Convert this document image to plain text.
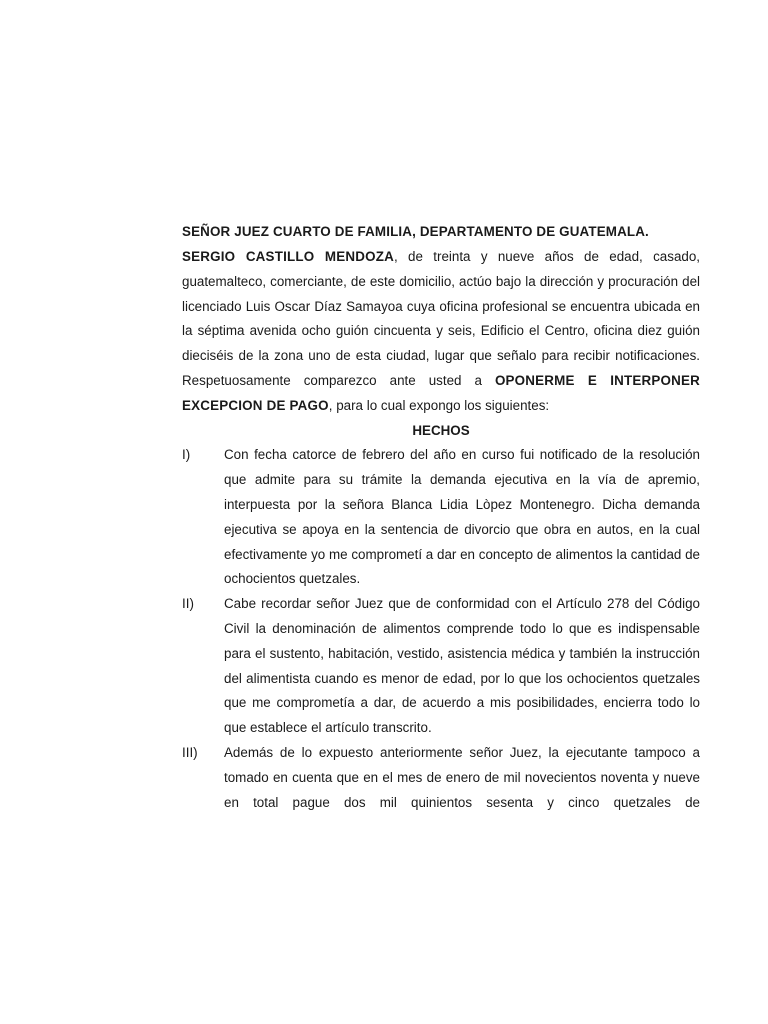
SEÑOR JUEZ CUARTO DE FAMILIA, DEPARTAMENTO DE GUATEMALA.

SERGIO CASTILLO MENDOZA, de treinta y nueve años de edad, casado, guatemalteco, comerciante, de este domicilio, actúo bajo la dirección y procuración del licenciado Luis Oscar Díaz Samayoa cuya oficina profesional se encuentra ubicada en la séptima avenida ocho guión cincuenta y seis, Edificio el Centro, oficina diez guión dieciséis de la zona uno de esta ciudad, lugar que señalo para recibir notificaciones. Respetuosamente comparezco ante usted a OPONERME E INTERPONER EXCEPCION DE PAGO, para lo cual expongo los siguientes:

HECHOS

I)	Con fecha catorce de febrero del año en curso fui notificado de la resolución que admite para su trámite la demanda ejecutiva en la vía de apremio, interpuesta por la señora Blanca Lidia Lòpez Montenegro. Dicha demanda ejecutiva se apoya en la sentencia de divorcio que obra en autos, en la cual efectivamente yo me comprometí a dar en concepto de alimentos la cantidad de ochocientos quetzales.
II)	Cabe recordar señor Juez que de conformidad con el Artículo 278 del Código Civil la denominación de alimentos comprende todo lo que es indispensable para el sustento, habitación, vestido, asistencia médica y también la instrucción del alimentista cuando es menor de edad, por lo que los ochocientos quetzales que me comprometía a dar, de acuerdo a mis posibilidades, encierra todo lo que establece el artículo transcrito.
III)	Además de lo expuesto anteriormente señor Juez, la ejecutante tampoco a tomado en cuenta que en el mes de enero de mil novecientos noventa y nueve en total pague dos mil quinientos sesenta y cinco quetzales de
